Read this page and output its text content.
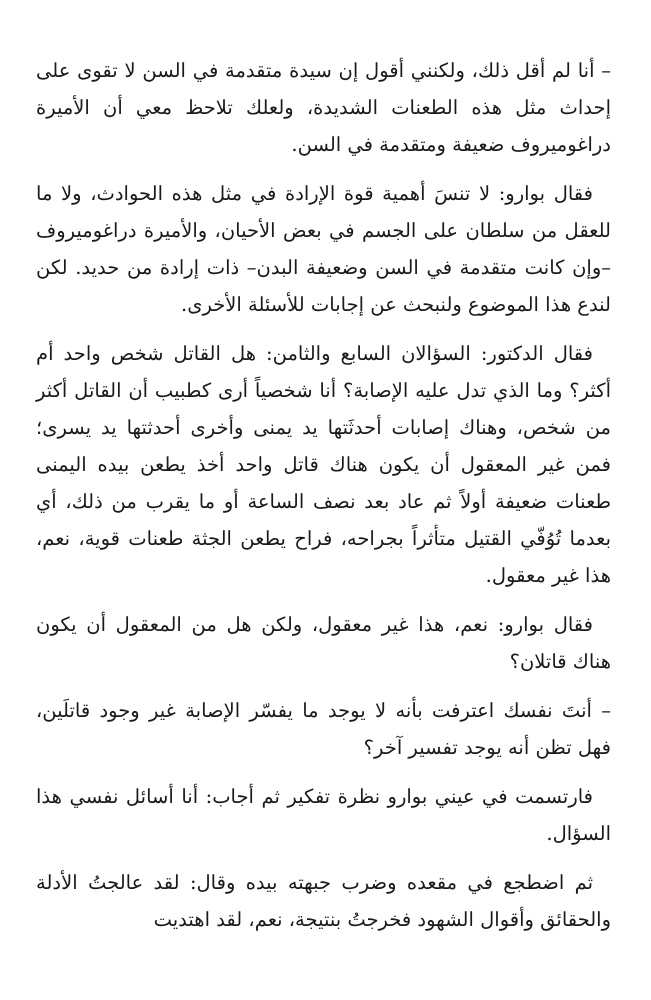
– أنا لم أقل ذلك، ولكنني أقول إن سيدة متقدمة في السن لا تقوى على إحداث مثل هذه الطعنات الشديدة، ولعلك تلاحظ معي أن الأميرة دراغوميروف ضعيفة ومتقدمة في السن.

فقال بوارو: لا تنسَ أهمية قوة الإرادة في مثل هذه الحوادث، ولا ما للعقل من سلطان على الجسم في بعض الأحيان، والأميرة دراغوميروف –وإن كانت متقدمة في السن وضعيفة البدن– ذات إرادة من حديد. لكن لندع هذا الموضوع ولنبحث عن إجابات للأسئلة الأخرى.

فقال الدكتور: السؤالان السابع والثامن: هل القاتل شخص واحد أم أكثر؟ وما الذي تدل عليه الإصابة؟ أنا شخصياً أرى كطبيب أن القاتل أكثر من شخص، وهناك إصابات أحدثَتها يد يمنى وأخرى أحدثتها يد يسرى؛ فمن غير المعقول أن يكون هناك قاتل واحد أخذ يطعن بيده اليمنى طعنات ضعيفة أولاً ثم عاد بعد نصف الساعة أو ما يقرب من ذلك، أي بعدما تُوُفّي القتيل متأثراً بجراحه، فراح يطعن الجثة طعنات قوية، نعم، هذا غير معقول.

فقال بوارو: نعم، هذا غير معقول، ولكن هل من المعقول أن يكون هناك قاتلان؟

– أنتَ نفسك اعترفت بأنه لا يوجد ما يفسّر الإصابة غير وجود قاتلَين، فهل تظن أنه يوجد تفسير آخر؟

فارتسمت في عيني بوارو نظرة تفكير ثم أجاب: أنا أسائل نفسي هذا السؤال.

ثم اضطجع في مقعده وضرب جبهته بيده وقال: لقد عالجتُ الأدلة والحقائق وأقوال الشهود فخرجتُ بنتيجة، نعم، لقد اهتديت
